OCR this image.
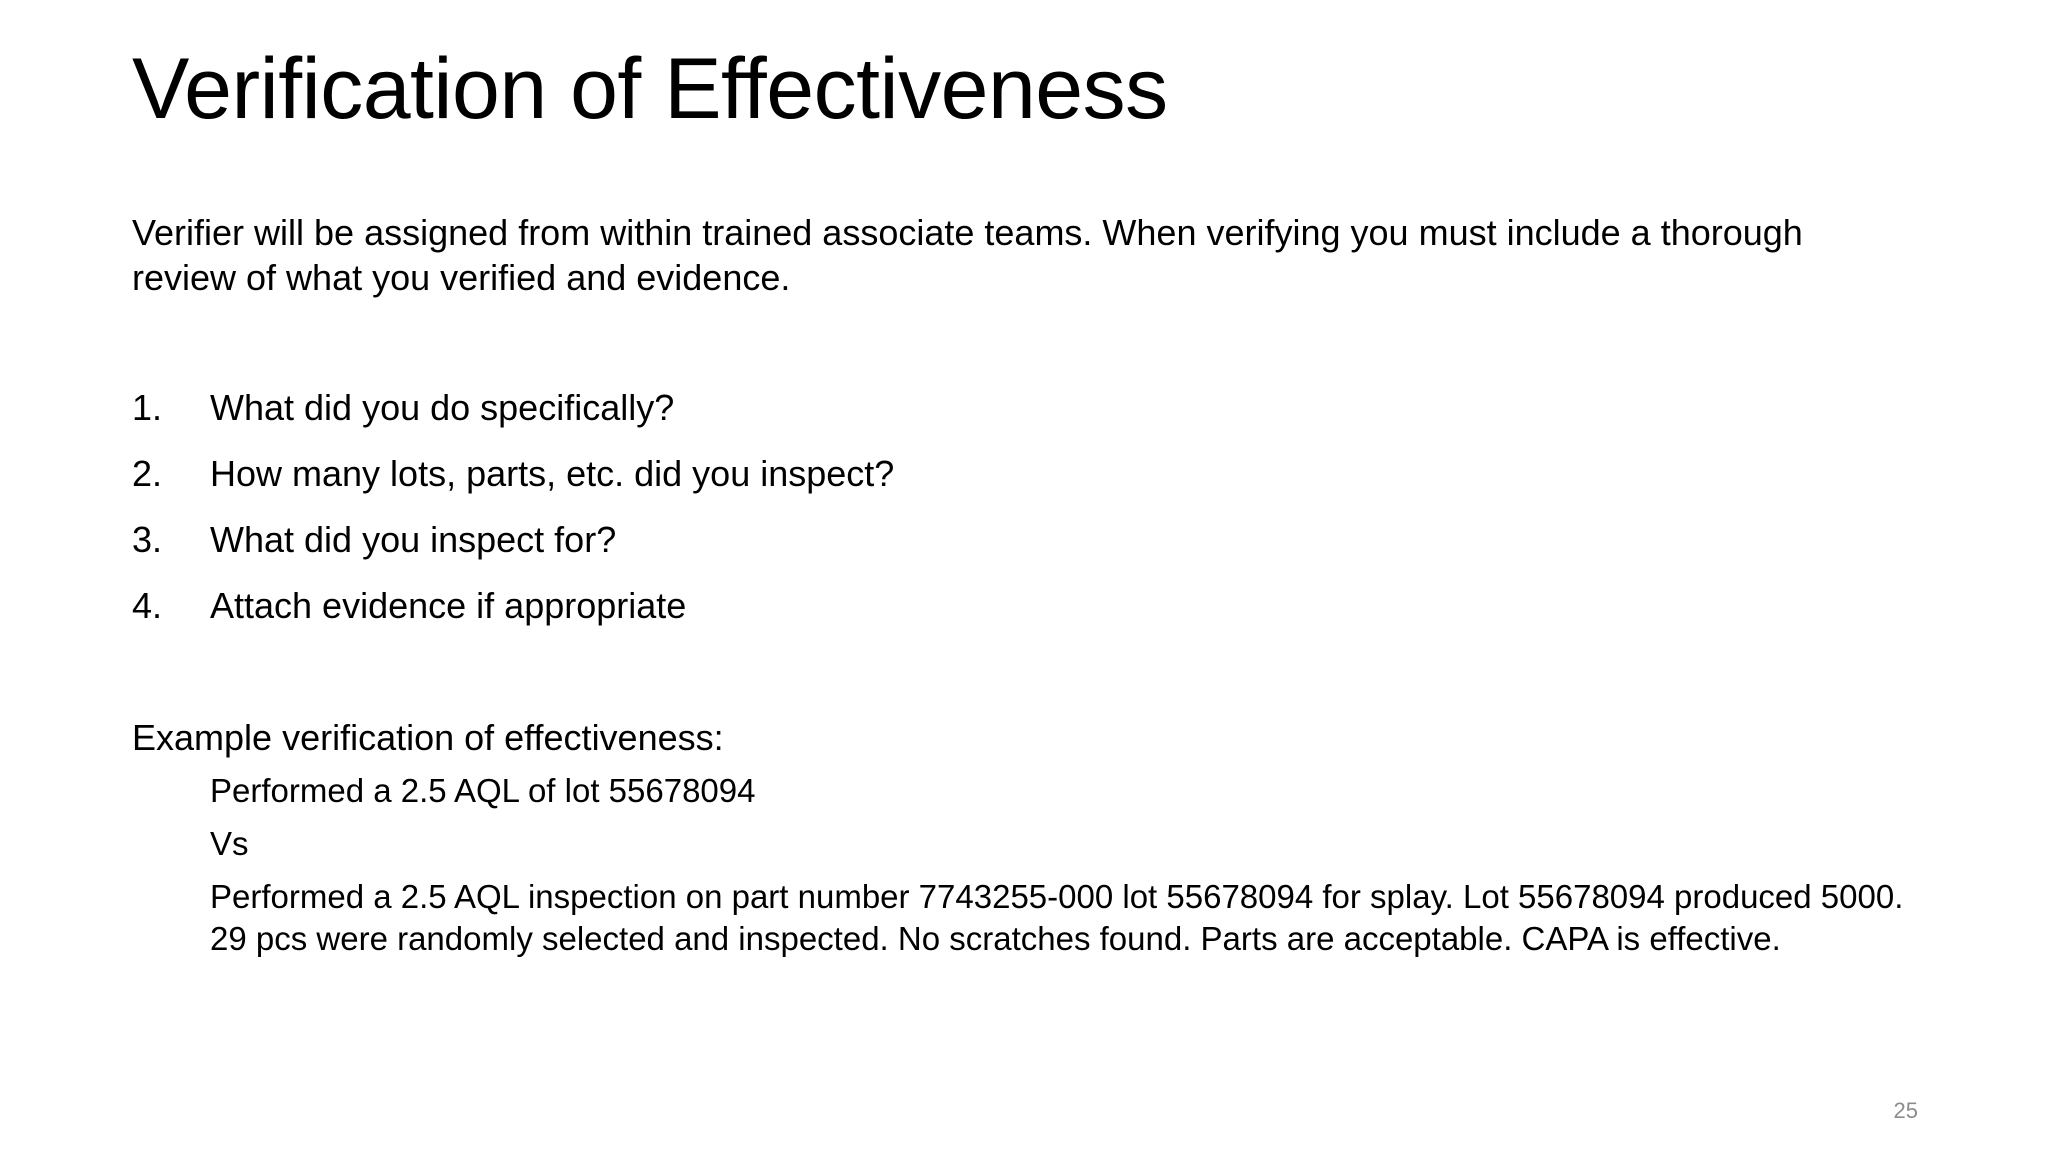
Verification of Effectiveness
Verifier will be assigned from within trained associate teams. When verifying you must include a thorough review of what you verified and evidence.
1.	What did you do specifically?
2.	How many lots, parts, etc. did you inspect?
3.	What did you inspect for?
4.	Attach evidence if appropriate
Example verification of effectiveness:
Performed a 2.5 AQL of lot 55678094
Vs
Performed a 2.5 AQL inspection on part number 7743255-000 lot 55678094 for splay. Lot 55678094 produced 5000. 29 pcs were randomly selected and inspected. No scratches found. Parts are acceptable. CAPA is effective.
25
